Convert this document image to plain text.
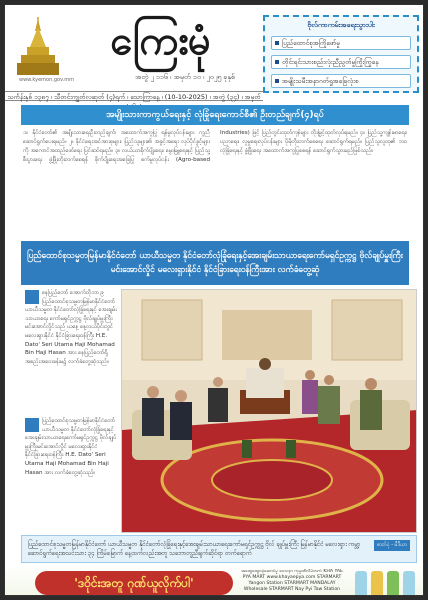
ကြေးမုံ
www.kyemon.gov.mm	အတွဲ ၂ ၁၁၆ ၊ အမှတ် ၁၀ ၊ ၂၀၂၅ ခုနှစ်
ဗိုလ်ကာကမ်းအရေးသွားပါး
ပြည်ထောင်စုအကြိုဖော်မှု
တိုင်းရင်းသားစည်းလုံးညီညွတ်မှုကြိုးကြွနေ
အမျိုးသမီးအနာဂတ်ရှုအခြေလုံးစ
သင်္ကန်းနှစ် ၁၃၈၇ ၊ သီတင်းကျွတ်လဆုတ် (၄)ရက် ၊ သောကြာနေ့ ၊ (10-10-2025) ၊ အတွဲ (၃၄) ၊ အမှတ်
အမျိုးသားကာကွယ်ရေးနှင့် လုံခြုံရေးကောင်စီ၏ ဦးတည်ချက်(၄)ရပ်
၁။ နိုင်ငံတော်၏ အမျိုးသားရေးဦးတည်ချက်၊ အထောက်အကူပြု ရန်မှုလုပ်ငန်းများ ကူညီဆောင်ရွက်ပေးရမည်။ ၂။ နိုင်ငံရေးအင်အားစုများ၊ ပြည်သူများ၏ အခွင့်အရေး လုပ်ပိုင်ခွင့်များကို အကောင်အထည်ဖော်ရေး ပြင်ဆင်ရမည်။ ၃။ လယ်ယာစိုက်ပျိုးရေး၊ မွေးမြူရေးနှင့် ပြည်သူ့စီးပွားရေး ဖွံ့ဖြိုးတိုးတက်စေရန် စိုက်ပျိုးရေးအခြေပြု စက်မှုလုပ်ငန်း (Agro-based Industries) ဖြင့် ပြည်တွင်းထုတ်ကုန်များ တိုးမြှင့်ထုတ်လုပ်ရမည်။ ၄။ ပြည်သူ့ကျန်းမာရေး၊ ပညာရေး၊ လူမှုရေးလုပ်ငန်းများ ပိုမိုတိုးတက်စေရေး ဆောင်ရွက်ရမည်။ ပြည်သူလူထု၏ ဘဝလုံခြုံရေးနှင့် ဖွံ့ဖြိုးရေး အထောက်အကူပြုစေရန် ဆောင်ရွက်သွားမည်ဖြစ်သည်။
ပြည်ထောင်စုသမ္မတမြန်မာနိုင်ငံတော် ယာယီသမ္မတ နိုင်ငံတော်လုံခြုံရေးနှင့်အေးချမ်းသာယာရေးကော်မရှင်ဥက္ကဋ္ဌ ဗိုလ်ချုပ်မှူးကြီးမင်းအောင်လှိုင် မလေးရှားနိုင်ငံ နိုင်ငံခြားရေးဝန်ကြီးအား လက်ခံတွေ့ဆုံ
နေပြည်တော် အောက်တိုဘာ ၉ ပြည်ထောင်စုသမ္မတမြန်မာနိုင်ငံတော် ယာယီသမ္မတ နိုင်ငံတော်လုံခြုံရေးနှင့် အေးချမ်းသာယာရေး ကော်မရှင်ဥက္ကဋ္ဌ ဗိုလ်ချုပ်မှူးကြီးမင်းအောင်လှိုင်သည် ယနေ့ နေ့လယ်ပိုင်းတွင် မလေးရှားနိုင်ငံ နိုင်ငံခြားရေးဝန်ကြီး H.E. Dato' Seri Utama Haji Mohamad Bin Haji Hasan အား နေပြည်တော်ရှိ အစည်းအဝေးခန်းမ၌ လက်ခံတွေ့ဆုံသည်။
ပြည်ထောင်စုသမ္မတမြန်မာနိုင်ငံတော် ယာယီသမ္မတ နိုင်ငံတော်လုံခြုံရေးနှင့်အေးချမ်းသာယာရေးကော်မရှင်ဥက္ကဋ္ဌ ဗိုလ်ချုပ်မှူးကြီးမင်းအောင်လှိုင် မလေးရှားနိုင်ငံ နိုင်ငံခြားရေးဝန်ကြီး H.E. Dato' Seri Utama Haji Mohamad Bin Haji Hasan အား လက်ခံတွေ့ဆုံသည်။
ဓာတ်ပုံ - မီဒီယာ
ပြည်ထောင်စုသမ္မတမြန်မာနိုင်ငံတော် ယာယီသမ္မတ နိုင်ငံတော်လုံခြုံရေးနှင့်အေးချမ်းသာယာရေးကော်မရှင်ဥက္ကဋ္ဌ ဗိုလ် ချုပ်မှူးကြီး မြန်မာနိုင်ငံ မလေးရှား ကမ္ဘာ့ဆောင်ရွက်ရေးအသင်းသား ၃၄ ကြိမ်မြောက် နေ့ထက်လည်းအတူ သဘောတူညီချက်ဆိုင်ရာ တက်ရောက်
'ဒဝိုင်းအတူ ဂုဏ်ယူလိုက်ပါ'
အထွေထွေဝန်ဆောင်မှု ဒေသနာ ကုမ္ပဏီလီမိတက် KHA YAE PYA MART www.khayaepya.com STARMART Yangon Station STARMART MANDALAY Wholesale STARMART Nay Pyi Taw Station
